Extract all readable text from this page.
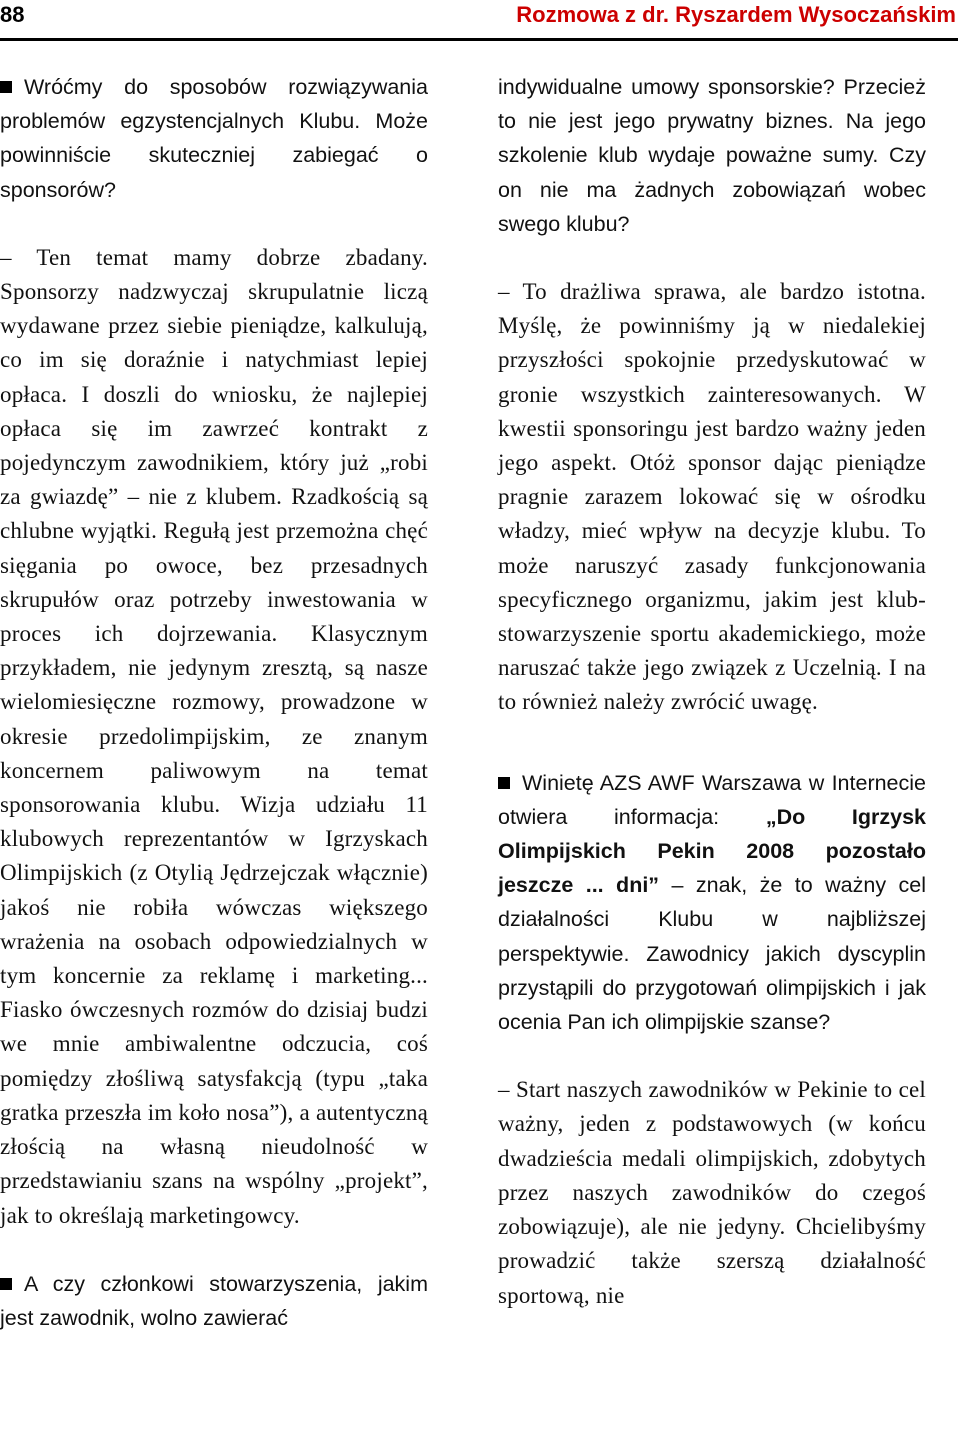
88	Rozmowa z dr. Ryszardem Wysoczańskim

Wróćmy do sposobów rozwiązywania problemów egzystencjalnych Klubu. Może powinniście skuteczniej zabiegać o sponsorów?

– Ten temat mamy dobrze zbadany. Sponsorzy nadzwyczaj skrupulatnie liczą wydawane przez siebie pieniądze, kalkulują, co im się doraźnie i natychmiast lepiej opłaca. I doszli do wniosku, że najlepiej opłaca się im zawrzeć kontrakt z pojedynczym zawodnikiem, który już „robi za gwiazdę” – nie z klubem. Rzadkością są chlubne wyjątki. Regułą jest przemożna chęć sięgania po owoce, bez przesadnych skrupułów oraz potrzeby inwestowania w proces ich dojrzewania. Klasycznym przykładem, nie jedynym zresztą, są nasze wielomiesięczne rozmowy, prowadzone w okresie przedolimpijskim, ze znanym koncernem paliwowym na temat sponsorowania klubu. Wizja udziału 11 klubowych reprezentantów w Igrzyskach Olimpijskich (z Otylią Jędrzejczak włącznie) jakoś nie robiła wówczas większego wrażenia na osobach odpowiedzialnych w tym koncernie za reklamę i marketing... Fiasko ówczesnych rozmów do dzisiaj budzi we mnie ambiwalentne odczucia, coś pomiędzy złośliwą satysfakcją (typu „taka gratka przeszła im koło nosa”), a autentyczną złością na własną nieudolność w przedstawianiu szans na wspólny „projekt”, jak to określają marketingowcy.

A czy członkowi stowarzyszenia, jakim jest zawodnik, wolno zawierać

indywidualne umowy sponsorskie? Przecież to nie jest jego prywatny biznes. Na jego szkolenie klub wydaje poważne sumy. Czy on nie ma żadnych zobowiązań wobec swego klubu?

– To drażliwa sprawa, ale bardzo istotna. Myślę, że powinniśmy ją w niedalekiej przyszłości spokojnie przedyskutować w gronie wszystkich zainteresowanych. W kwestii sponsoringu jest bardzo ważny jeden jego aspekt. Otóż sponsor dając pieniądze pragnie zarazem lokować się w ośrodku władzy, mieć wpływ na decyzje klubu. To może naruszyć zasady funkcjonowania specyficznego organizmu, jakim jest klub-stowarzyszenie sportu akademickiego, może naruszać także jego związek z Uczelnią. I na to również należy zwrócić uwagę.

Winietę AZS AWF Warszawa w Internecie otwiera informacja: „Do Igrzysk Olimpijskich Pekin 2008 pozostało jeszcze ... dni” – znak, że to ważny cel działalności Klubu w najbliższej perspektywie. Zawodnicy jakich dyscyplin przystąpili do przygotowań olimpijskich i jak ocenia Pan ich olimpijskie szanse?

– Start naszych zawodników w Pekinie to cel ważny, jeden z podstawowych (w końcu dwadzieścia medali olimpijskich, zdobytych przez naszych zawodników do czegoś zobowiązuje), ale nie jedyny. Chcielibyśmy prowadzić także szerszą działalność sportową, nie
